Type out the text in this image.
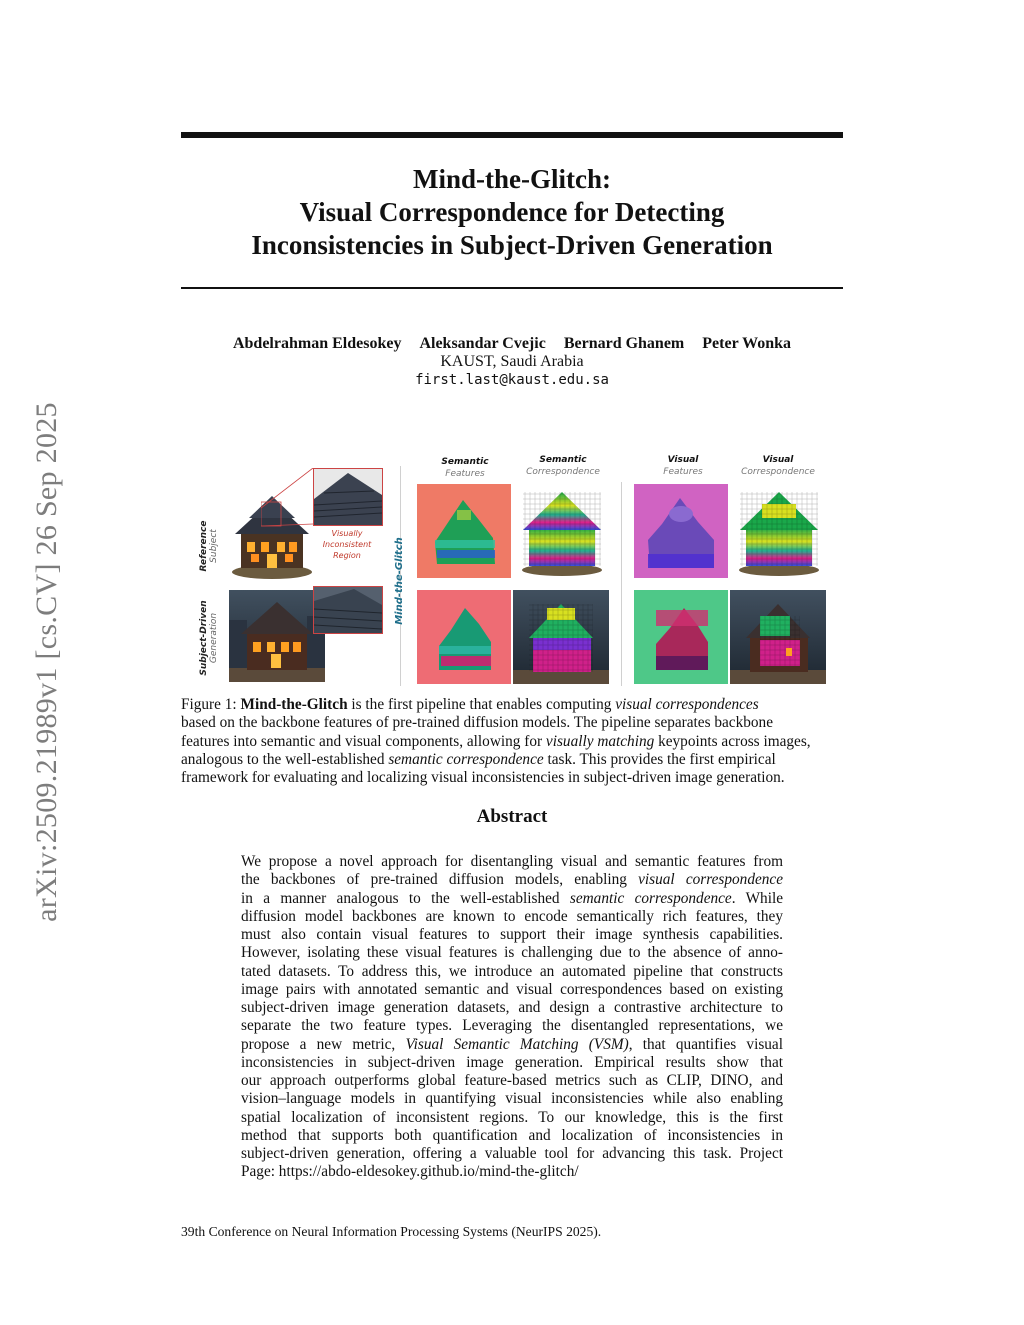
arXiv:2509.21989v1 [cs.CV] 26 Sep 2025
Mind-the-Glitch:
Visual Correspondence for Detecting
Inconsistencies in Subject-Driven Generation
Abdelrahman Eldesokey Aleksandar Cvejic Bernard Ghanem Peter Wonka
KAUST, Saudi Arabia
first.last@kaust.edu.sa
Reference
Subject
Subject-Driven
Generation
Visually
Inconsistent
Region	Mind-the-Glitch
Semantic
Features
Semantic
Correspondence
Visual
Features
Visual
Correspondence
Figure 1: Mind-the-Glitch is the first pipeline that enables computing visual correspondences
based on the backbone features of pre-trained diffusion models. The pipeline separates backbone
features into semantic and visual components, allowing for visually matching keypoints across images,
analogous to the well-established semantic correspondence task. This provides the first empirical
framework for evaluating and localizing visual inconsistencies in subject-driven image generation.
Abstract
We propose a novel approach for disentangling visual and semantic features from
the backbones of pre-trained diffusion models, enabling visual correspondence
in a manner analogous to the well-established semantic correspondence. While
diffusion model backbones are known to encode semantically rich features, they
must also contain visual features to support their image synthesis capabilities.
However, isolating these visual features is challenging due to the absence of anno-
tated datasets. To address this, we introduce an automated pipeline that constructs
image pairs with annotated semantic and visual correspondences based on existing
subject-driven image generation datasets, and design a contrastive architecture to
separate the two feature types. Leveraging the disentangled representations, we
propose a new metric, Visual Semantic Matching (VSM), that quantifies visual
inconsistencies in subject-driven image generation. Empirical results show that
our approach outperforms global feature-based metrics such as CLIP, DINO, and
vision–language models in quantifying visual inconsistencies while also enabling
spatial localization of inconsistent regions. To our knowledge, this is the first
method that supports both quantification and localization of inconsistencies in
subject-driven generation, offering a valuable tool for advancing this task. Project
Page: https://abdo-eldesokey.github.io/mind-the-glitch/
39th Conference on Neural Information Processing Systems (NeurIPS 2025).
